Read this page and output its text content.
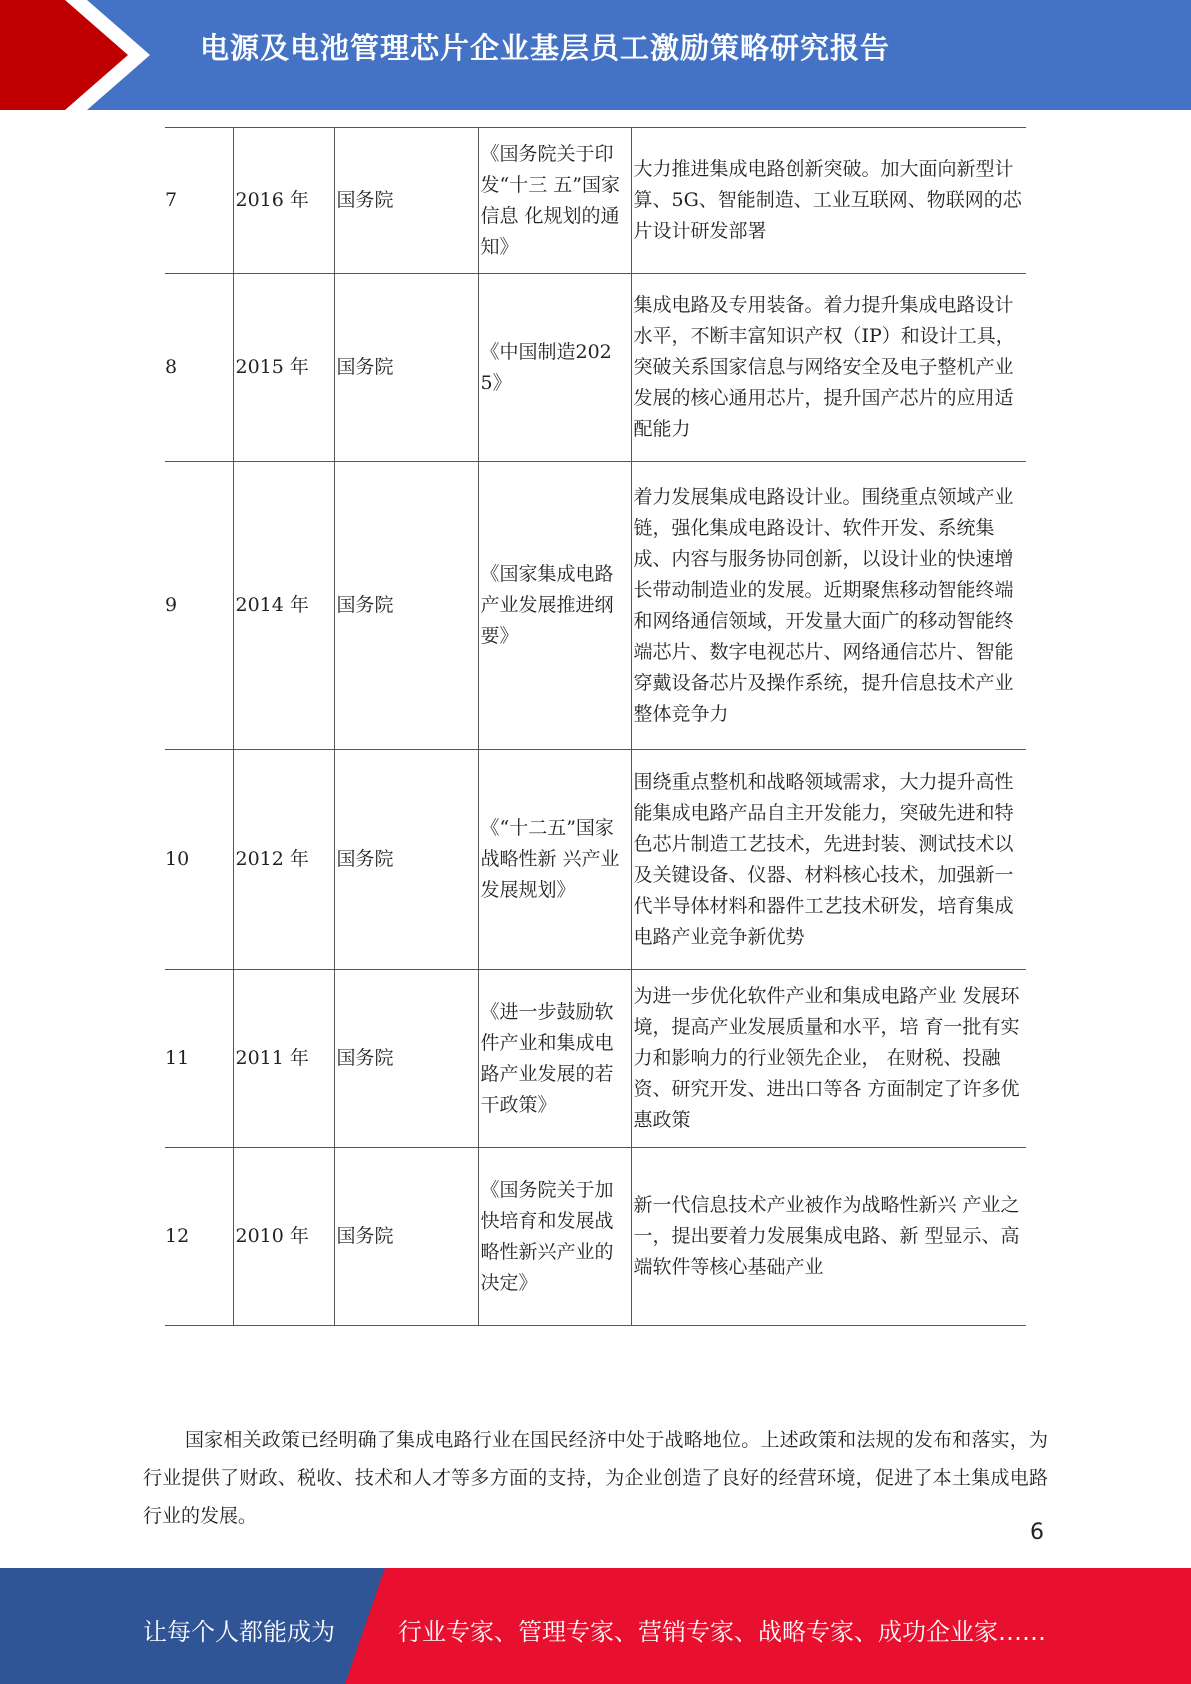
电源及电池管理芯片企业基层员工激励策略研究报告
7	2016 年	国务院	《国务院关于印发“十三 五”国家信息 化规划的通 知》	大力推进集成电路创新突破。加大面向新型计算、5G、智能制造、工业互联网、物联网的芯片设计研发部署
8	2015 年	国务院	《中国制造2025》	集成电路及专用装备。着力提升集成电路设计水平，不断丰富知识产权（IP）和设计工具，突破关系国家信息与网络安全及电子整机产业发展的核心通用芯片，提升国产芯片的应用适配能力
9	2014 年	国务院	《国家集成电路产业发展推进纲要》	着力发展集成电路设计业。围绕重点领域产业链，强化集成电路设计、软件开发、系统集成、内容与服务协同创新，以设计业的快速增长带动制造业的发展。近期聚焦移动智能终端和网络通信领域，开发量大面广的移动智能终端芯片、数字电视芯片、网络通信芯片、智能穿戴设备芯片及操作系统，提升信息技术产业整体竞争力
10	2012 年	国务院	《“十二五”国家战略性新 兴产业发展规划》	围绕重点整机和战略领域需求，大力提升高性能集成电路产品自主开发能力，突破先进和特色芯片制造工艺技术，先进封装、测试技术以及关键设备、仪器、材料核心技术，加强新一代半导体材料和器件工艺技术研发，培育集成电路产业竞争新优势
11	2011 年	国务院	《进一步鼓励软件产业和集成电路产业发展的若干政策》	为进一步优化软件产业和集成电路产业 发展环境，提高产业发展质量和水平，培 育一批有实力和影响力的行业领先企业， 在财税、投融资、研究开发、进出口等各 方面制定了许多优惠政策
12	2010 年	国务院	《国务院关于加快培育和发展战略性新兴产业的决定》	新一代信息技术产业被作为战略性新兴 产业之一，提出要着力发展集成电路、新 型显示、高端软件等核心基础产业

国家相关政策已经明确了集成电路行业在国民经济中处于战略地位。上述政策和法规的发布和落实，为行业提供了财政、税收、技术和人才等多方面的支持，为企业创造了良好的经营环境，促进了本土集成电路行业的发展。

6
让每个人都能成为	行业专家、管理专家、营销专家、战略专家、成功企业家……
